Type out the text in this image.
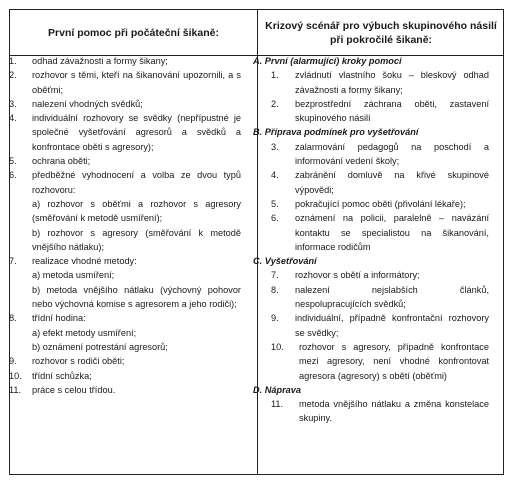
První pomoc při počáteční šikaně:
Krizový scénář pro výbuch skupinového násilí při pokročilé šikaně:
1.	odhad závažnosti a formy šikany;
2.	rozhovor s těmi, kteří na šikanování upozornili, a s oběťmi;
3.	nalezení vhodných svědků;
4.	individuální rozhovory se svědky (nepřípustné je společné vyšetřování agresorů a svědků a konfrontace oběti s agresory);
5.	ochrana oběti;
6.	předběžné vyhodnocení a volba ze dvou typů rozhovoru:
a) rozhovor s oběťmi a rozhovor s agresory (směřování k metodě usmíření);
b) rozhovor s agresory (směřování k metodě vnějšího nátlaku);
7.	realizace vhodné metody:
a) metoda usmíření;
b) metoda vnějšího nátlaku (výchovný pohovor nebo výchovná komise s agresorem a jeho rodiči);
8.	třídní hodina:
a) efekt metody usmíření;
b) oznámení potrestání agresorů;
9.	rozhovor s rodiči oběti;
10.	třídní schůzka;
11.	práce s celou třídou.
A. První (alarmující) kroky pomoci
1.	zvládnutí vlastního šoku – bleskový odhad závažnosti a formy šikany;
2.	bezprostřední záchrana oběti, zastavení skupinového násilí
B. Příprava podmínek pro vyšetřování
3.	zalarmování pedagogů na poschodí a informování vedení školy;
4.	zabránění domluvě na křivé skupinové výpovědi;
5.	pokračující pomoc oběti (přivolání lékaře);
6.	oznámení na policii, paralelně – navázání kontaktu se specialistou na šikanování, informace rodičům
C. Vyšetřování
7.	rozhovor s obětí a informátory;
8.	nalezení nejslabších článků, nespolupracujících svědků;
9.	individuální, případně konfrontační rozhovory se svědky;
10.	rozhovor s agresory, případně konfrontace mezi agresory, není vhodné konfrontovat agresora (agresory) s obětí (oběťmi)
D. Náprava
11.	metoda vnějšího nátlaku a změna konstelace skupiny.
